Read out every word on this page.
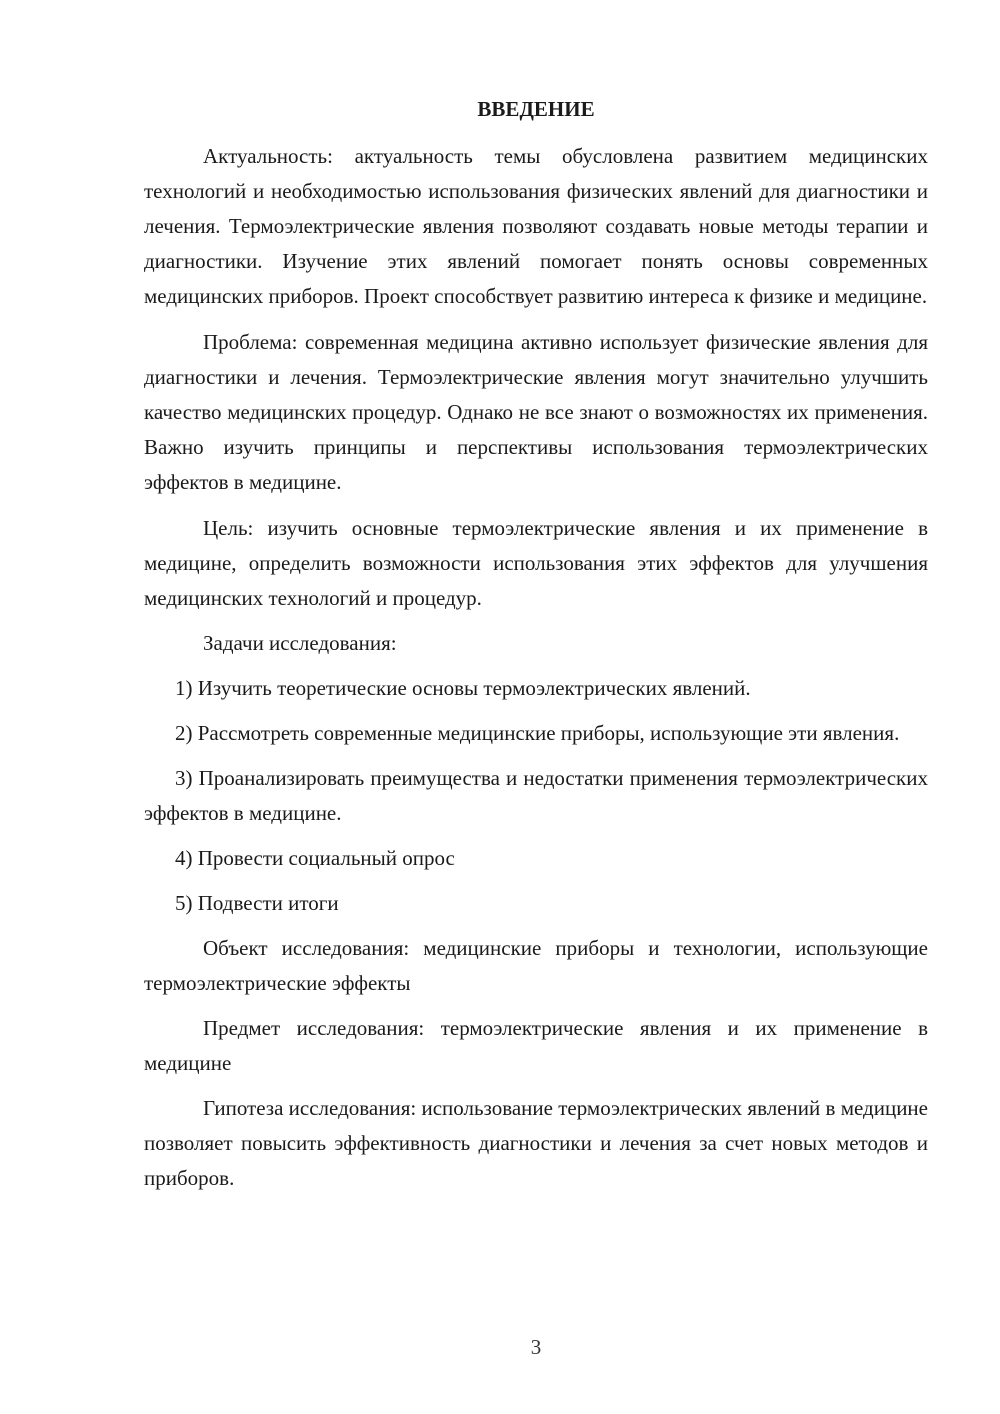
ВВЕДЕНИЕ

Актуальность: актуальность темы обусловлена развитием медицинских технологий и необходимостью использования физических явлений для диагностики и лечения. Термоэлектрические явления позволяют создавать новые методы терапии и диагностики. Изучение этих явлений помогает понять основы современных медицинских приборов. Проект способствует развитию интереса к физике и медицине.

Проблема: современная медицина активно использует физические явления для диагностики и лечения. Термоэлектрические явления могут значительно улучшить качество медицинских процедур. Однако не все знают о возможностях их применения. Важно изучить принципы и перспективы использования термоэлектрических эффектов в медицине.

Цель: изучить основные термоэлектрические явления и их применение в медицине, определить возможности использования этих эффектов для улучшения медицинских технологий и процедур.

Задачи исследования:

1) Изучить теоретические основы термоэлектрических явлений.

2) Рассмотреть современные медицинские приборы, использующие эти явления.

3) Проанализировать преимущества и недостатки применения термоэлектрических эффектов в медицине.

4) Провести социальный опрос

5) Подвести итоги

Объект исследования: медицинские приборы и технологии, использующие термоэлектрические эффекты

Предмет исследования: термоэлектрические явления и их применение в медицине

Гипотеза исследования: использование термоэлектрических явлений в медицине позволяет повысить эффективность диагностики и лечения за счет новых методов и приборов.

3
